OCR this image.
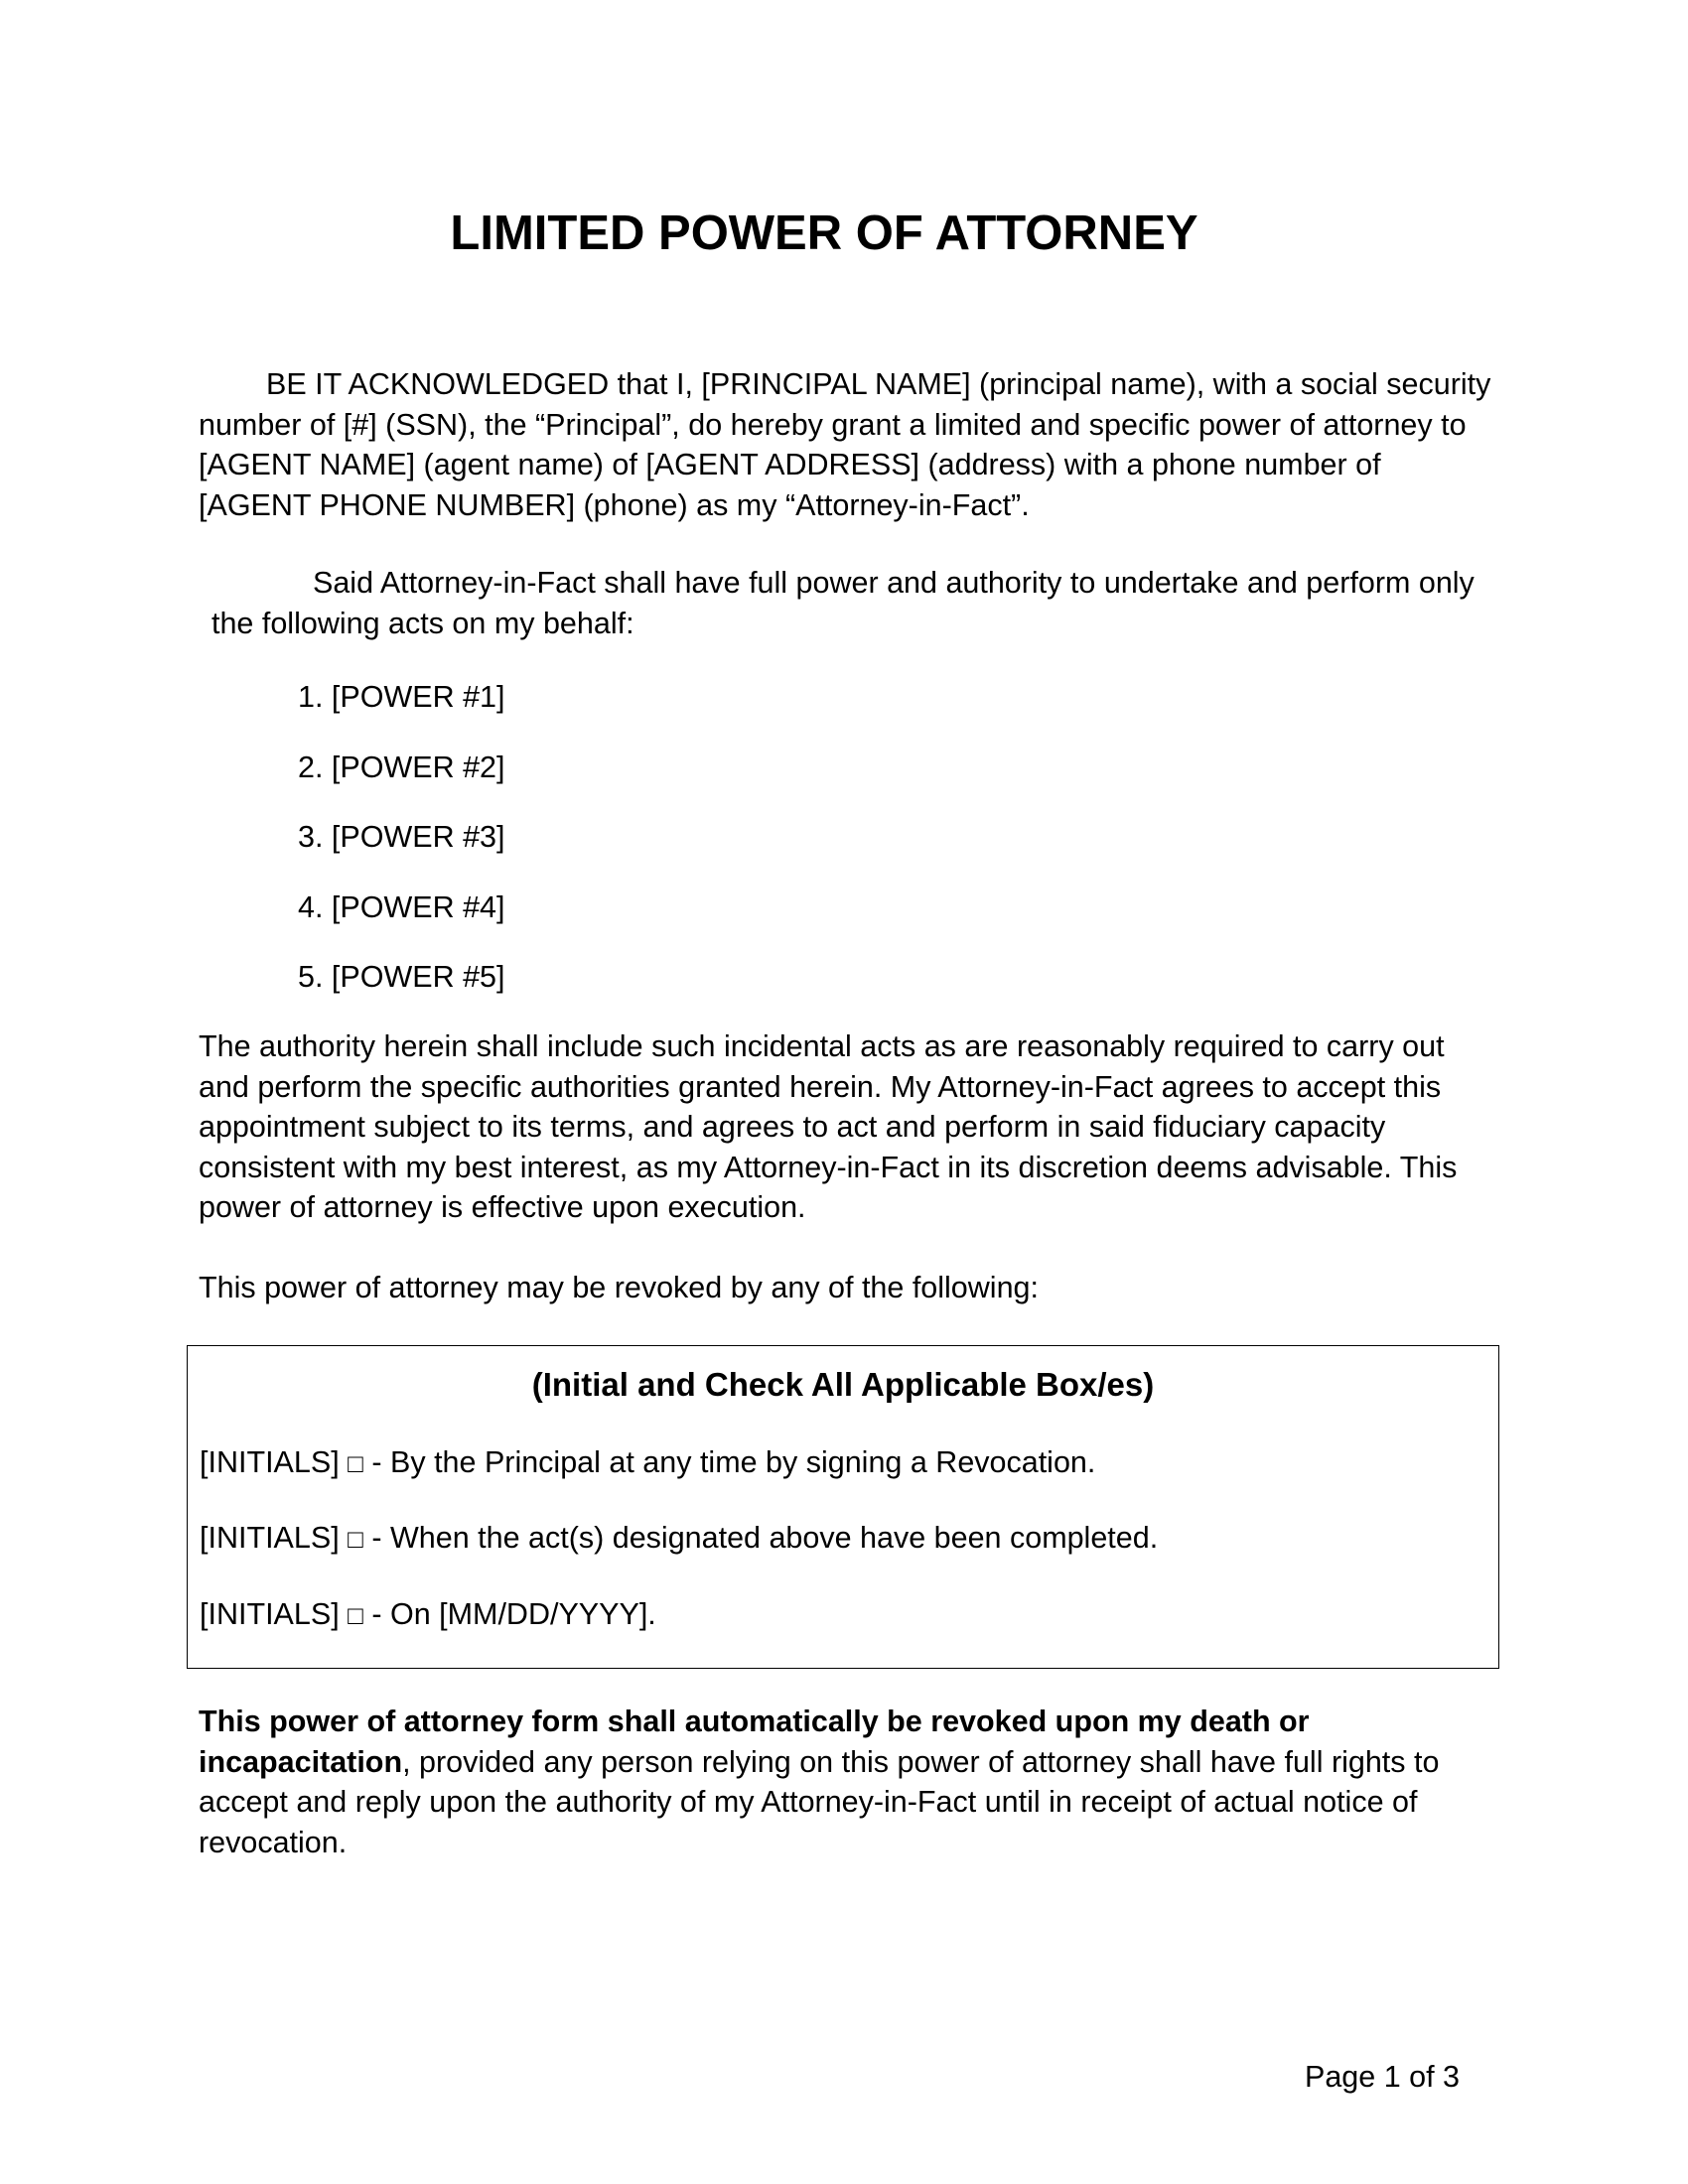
LIMITED POWER OF ATTORNEY

BE IT ACKNOWLEDGED that I, [PRINCIPAL NAME] (principal name), with a social security number of [#] (SSN), the “Principal”, do hereby grant a limited and specific power of attorney to [AGENT NAME] (agent name) of [AGENT ADDRESS] (address) with a phone number of [AGENT PHONE NUMBER] (phone) as my “Attorney-in-Fact”.

Said Attorney-in-Fact shall have full power and authority to undertake and perform only the following acts on my behalf:

1. [POWER #1]
2. [POWER #2]
3. [POWER #3]
4. [POWER #4]
5. [POWER #5]

The authority herein shall include such incidental acts as are reasonably required to carry out and perform the specific authorities granted herein. My Attorney-in-Fact agrees to accept this appointment subject to its terms, and agrees to act and perform in said fiduciary capacity consistent with my best interest, as my Attorney-in-Fact in its discretion deems advisable. This power of attorney is effective upon execution.

This power of attorney may be revoked by any of the following:

(Initial and Check All Applicable Box/es)

[INITIALS] □ - By the Principal at any time by signing a Revocation.

[INITIALS] □ - When the act(s) designated above have been completed.

[INITIALS] □ - On [MM/DD/YYYY].

This power of attorney form shall automatically be revoked upon my death or incapacitation, provided any person relying on this power of attorney shall have full rights to accept and reply upon the authority of my Attorney-in-Fact until in receipt of actual notice of revocation.

Page 1 of 3
